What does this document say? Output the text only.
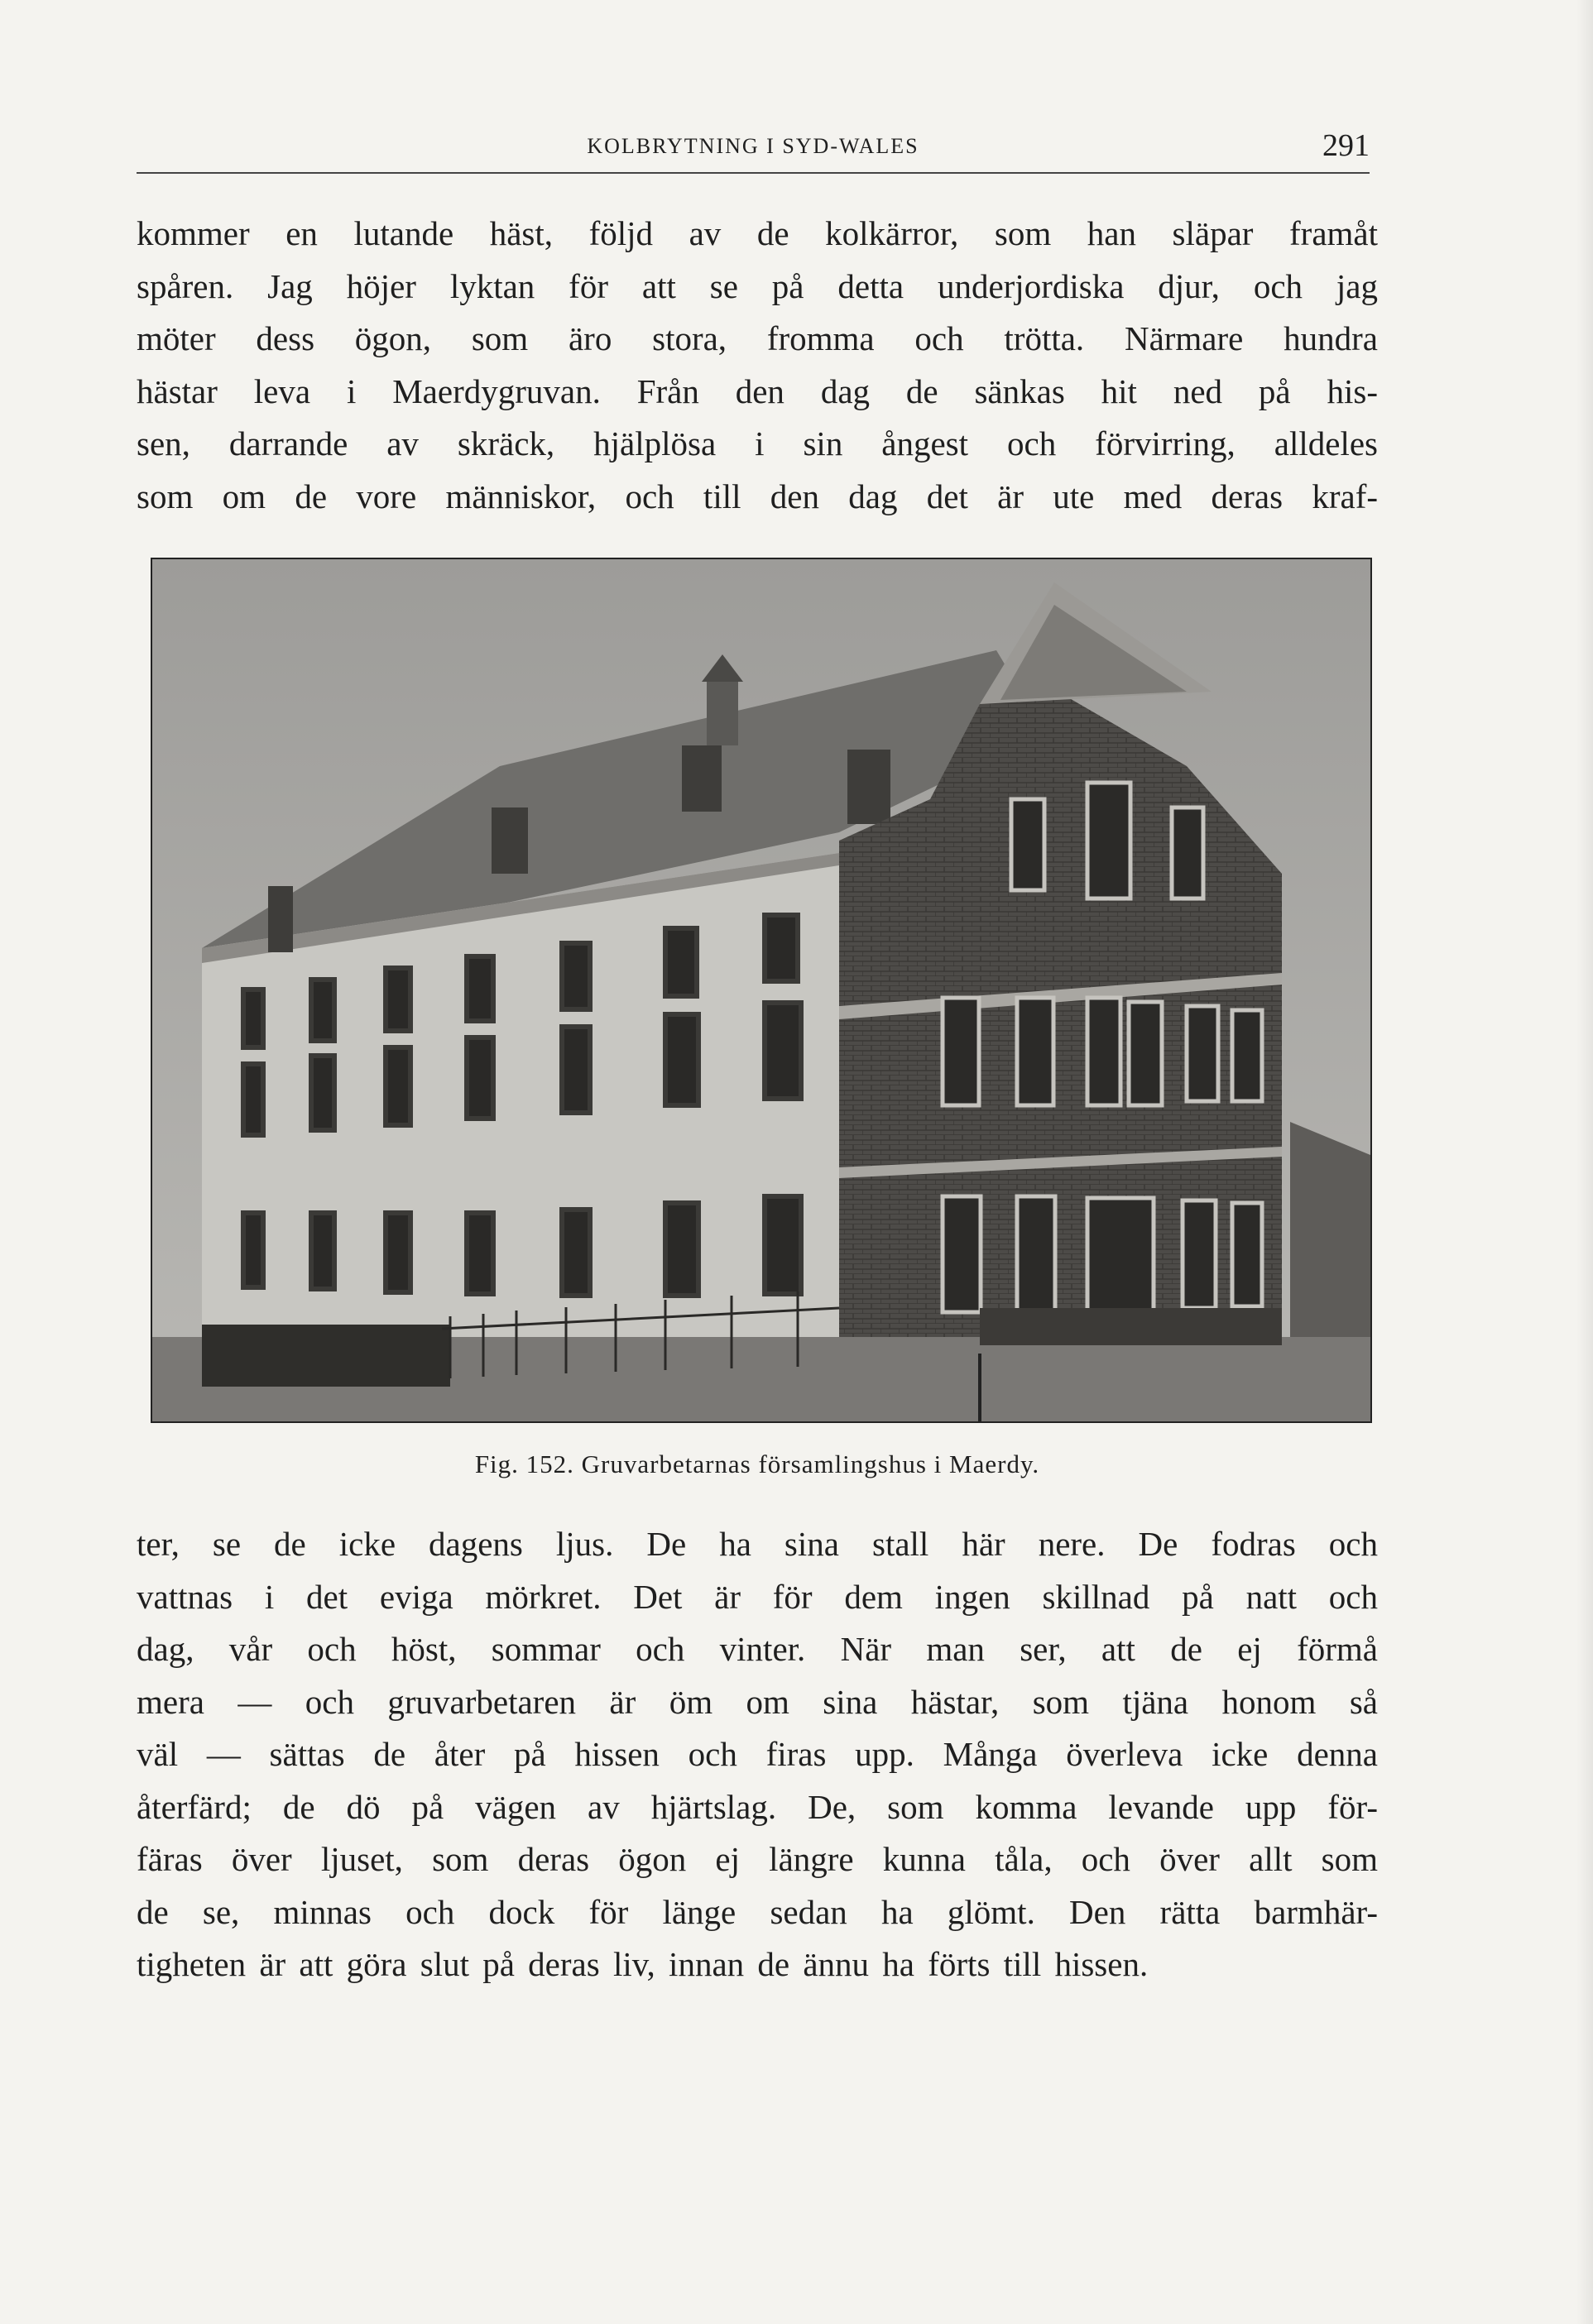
KOLBRYTNING I SYD-WALES	291

kommer en lutande häst, följd av de kolkärror, som han släpar framåt

spåren. Jag höjer lyktan för att se på detta underjordiska djur, och jag

möter dess ögon, som äro stora, fromma och trötta. Närmare hundra

hästar leva i Maerdygruvan. Från den dag de sänkas hit ned på his-

sen, darrande av skräck, hjälplösa i sin ångest och förvirring, alldeles

som om de vore människor, och till den dag det är ute med deras kraf-

Fig. 152. Gruvarbetarnas församlingshus i Maerdy.

ter, se de icke dagens ljus. De ha sina stall här nere. De fodras och

vattnas i det eviga mörkret. Det är för dem ingen skillnad på natt och

dag, vår och höst, sommar och vinter. När man ser, att de ej förmå

mera — och gruvarbetaren är öm om sina hästar, som tjäna honom så

väl — sättas de åter på hissen och firas upp. Många överleva icke denna

återfärd; de dö på vägen av hjärtslag. De, som komma levande upp för-

färas över ljuset, som deras ögon ej längre kunna tåla, och över allt som

de se, minnas och dock för länge sedan ha glömt. Den rätta barmhär-

tigheten är att göra slut på deras liv, innan de ännu ha förts till hissen.
